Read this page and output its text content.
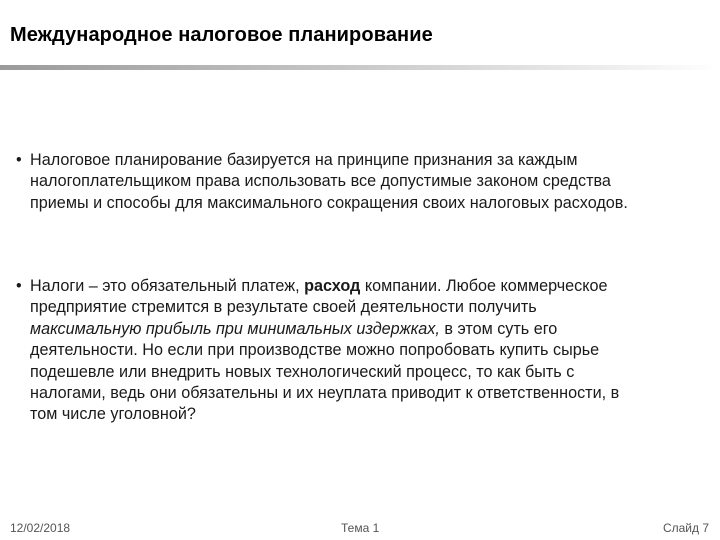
Международное налоговое планирование
• Налоговое планирование базируется на принципе признания за каждым
налогоплательщиком права использовать все допустимые законом средства
приемы и способы для максимального сокращения своих налоговых расходов.
• Налоги – это обязательный платеж, расход компании. Любое коммерческое
предприятие стремится в результате своей деятельности получить
максимальную прибыль при минимальных издержках, в этом суть его
деятельности. Но если при производстве можно попробовать купить сырье
подешевле или внедрить новых технологический процесс, то как быть с
налогами, ведь они обязательны и их неуплата приводит к ответственности, в
том числе уголовной?
12/02/2018	Тема 1	Слайд 7
